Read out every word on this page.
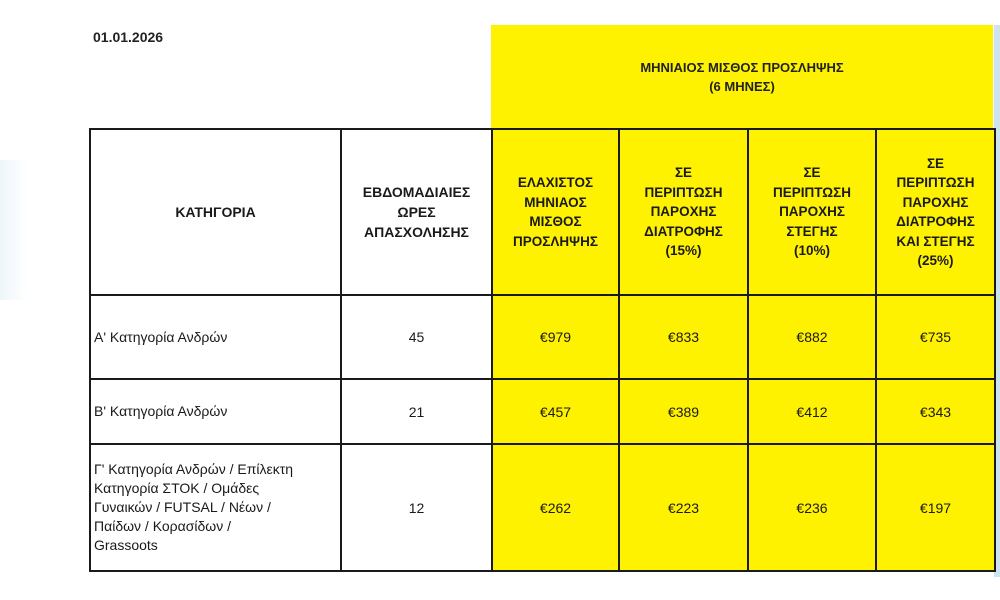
01.01.2026
ΜΗΝΙΑΙΟΣ ΜΙΣΘΟΣ ΠΡΟΣΛΗΨΗΣ
(6 ΜΗΝΕΣ)
ΚΑΤΗΓΟΡΙΑ	
ΕΒΔΟΜΑΔΙΑΙΕΣ
ΩΡΕΣ
ΑΠΑΣΧΟΛΗΣΗΣ

ΕΛΑΧΙΣΤΟΣ
ΜΗΝΙΑΟΣ
ΜΙΣΘΟΣ
ΠΡΟΣΛΗΨΗΣ

ΣΕ
ΠΕΡΙΠΤΩΣΗ
ΠΑΡΟΧΗΣ
ΔΙΑΤΡΟΦΗΣ
(15%)

ΣΕ
ΠΕΡΙΠΤΩΣΗ
ΠΑΡΟΧΗΣ
ΣΤΕΓΗΣ
(10%)

ΣΕ
ΠΕΡΙΠΤΩΣΗ
ΠΑΡΟΧΗΣ
ΔΙΑΤΡΟΦΗΣ
ΚΑΙ ΣΤΕΓΗΣ
(25%)

Α' Κατηγορία Ανδρών	45	€979	€833	€882	€735

Β' Κατηγορία Ανδρών	21	€457	€389	€412	€343

Γ' Κατηγορία Ανδρών / Επίλεκτη
Κατηγορία ΣΤΟΚ / Ομάδες
Γυναικών / FUTSAL / Νέων /
Παίδων / Κορασίδων /
Grassoots	12	€262	€223	€236	€197
